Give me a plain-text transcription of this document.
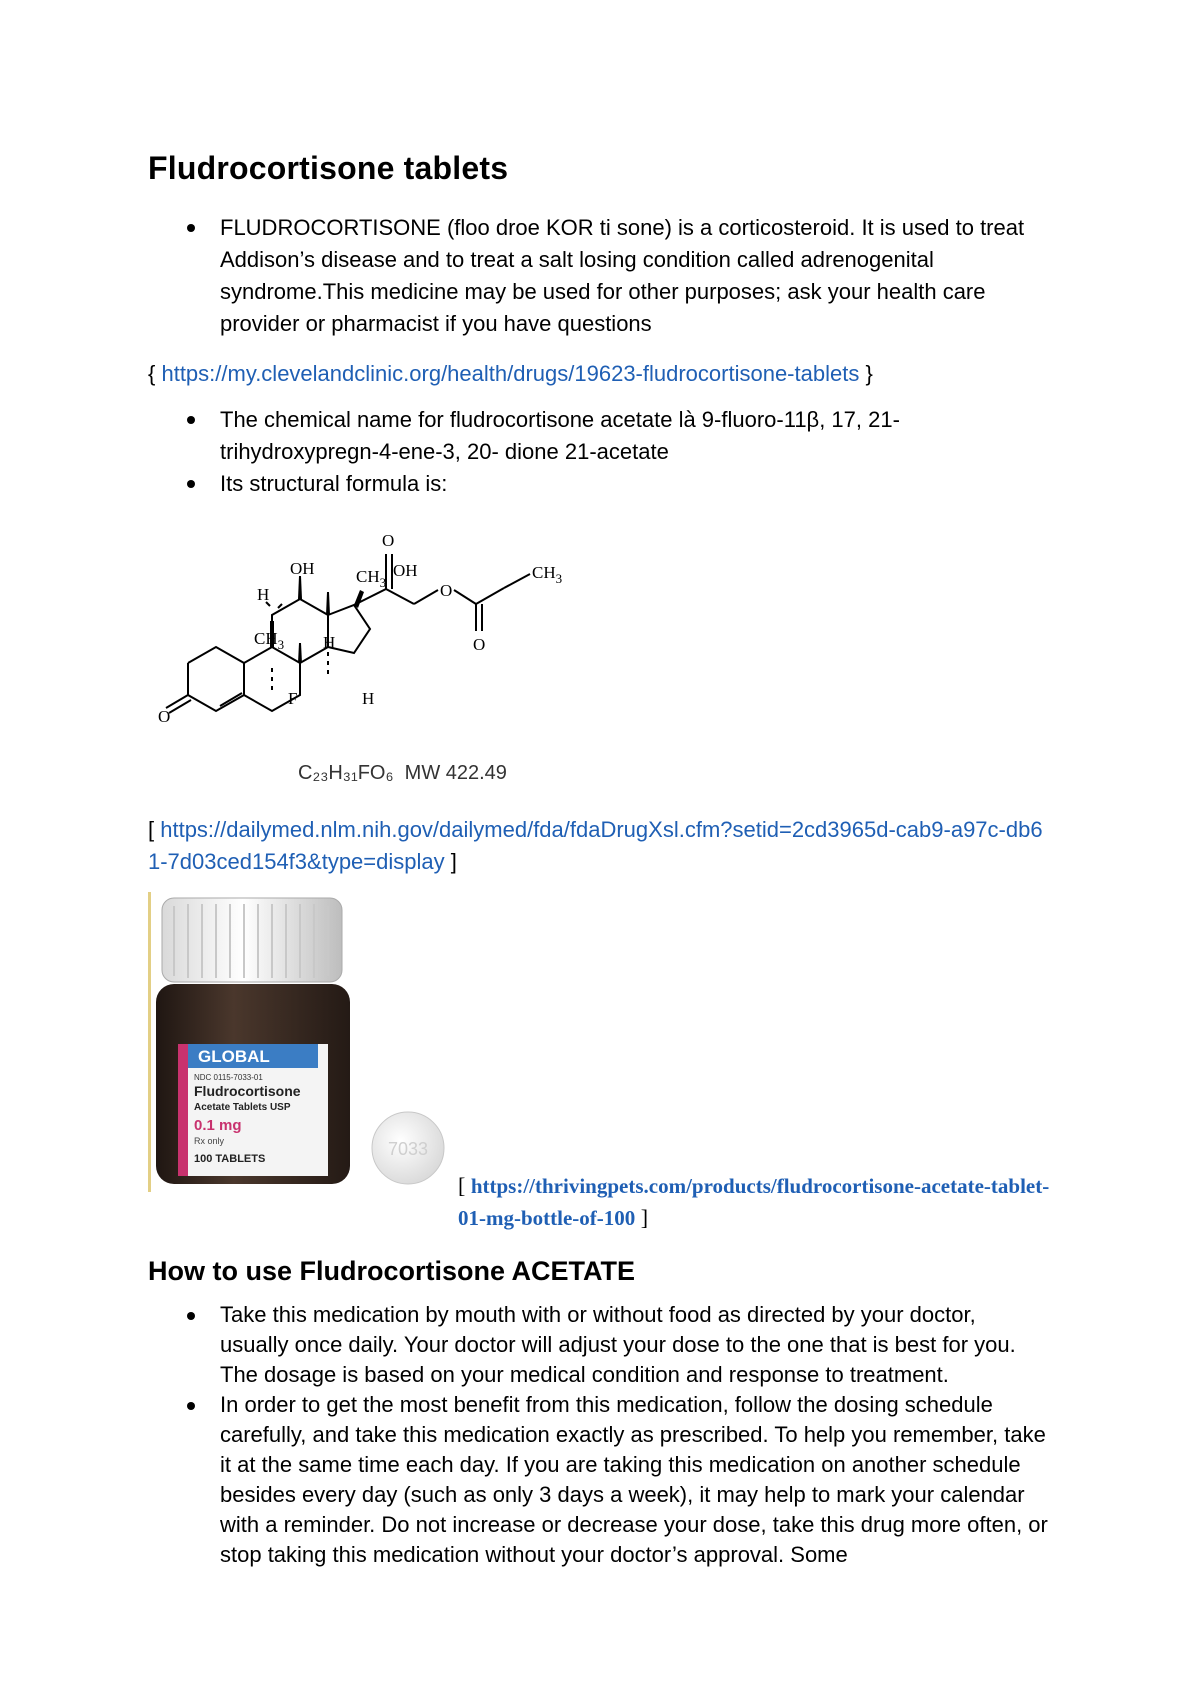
Fludrocortisone tablets
FLUDROCORTISONE (floo droe KOR ti sone) is a corticosteroid. It is used to treat Addison’s disease and to treat a salt losing condition called adrenogenital syndrome.This medicine may be used for other purposes; ask your health care provider or pharmacist if you have questions
{ https://my.clevelandclinic.org/health/drugs/19623-fludrocortisone-tablets }
The chemical name for fludrocortisone acetate là 9-fluoro-11β, 17, 21-trihydroxypregn-4-ene-3, 20- dione 21-acetate
Its structural formula is:
OH $CH_3$
OH
H
$CH_3$ H
F	H
O
O
O
O
$CH_3$
C₂₃H₃₁FO₆ MW 422.49
[ https://dailymed.nlm.nih.gov/dailymed/fda/fdaDrugXsl.cfm?setid=2cd3965d-cab9-a97c-db61-7d03ced154f3&type=display ]
GLOBAL
NDC 0115-7033-01
Fludrocortisone
Acetate Tablets USP
0.1 mg
Rx only
100 TABLETS	7033
[ https://thrivingpets.com/products/fludrocortisone-acetate-tablet-01-mg-bottle-of-100 ]
How to use Fludrocortisone ACETATE
Take this medication by mouth with or without food as directed by your doctor, usually once daily. Your doctor will adjust your dose to the one that is best for you. The dosage is based on your medical condition and response to treatment.
In order to get the most benefit from this medication, follow the dosing schedule carefully, and take this medication exactly as prescribed. To help you remember, take it at the same time each day. If you are taking this medication on another schedule besides every day (such as only 3 days a week), it may help to mark your calendar with a reminder. Do not increase or decrease your dose, take this drug more often, or stop taking this medication without your doctor’s approval. Some
